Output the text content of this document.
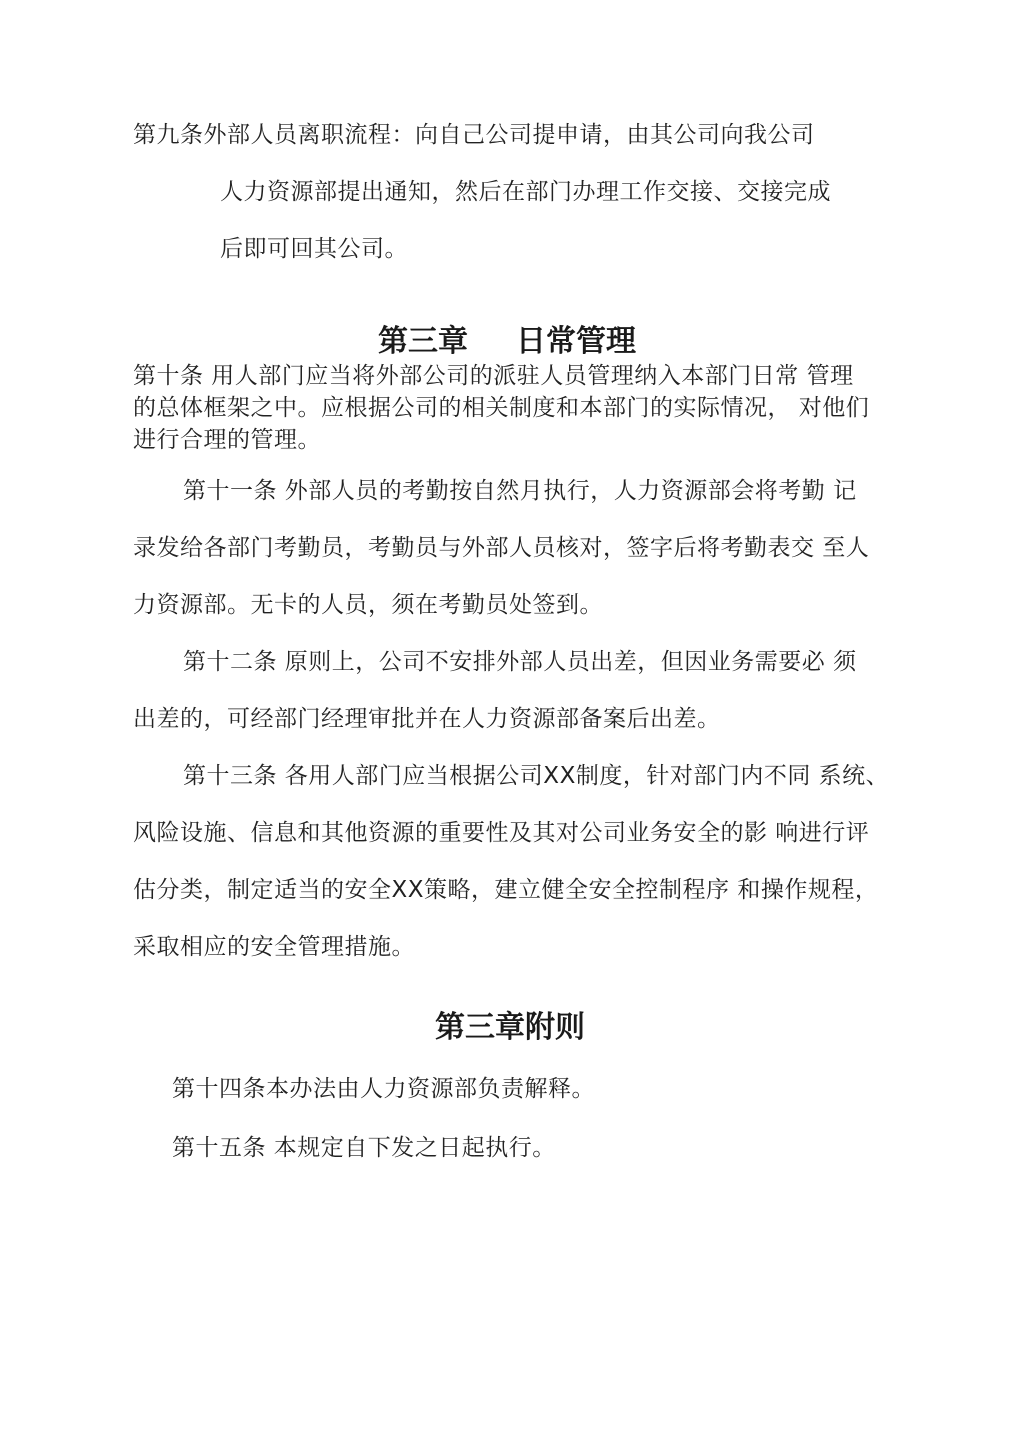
第九条外部人员离职流程：向自己公司提申请，由其公司向我公司
人力资源部提出通知，然后在部门办理工作交接、交接完成
后即可回其公司。
第三章 日常管理
第十条 用人部门应当将外部公司的派驻人员管理纳入本部门日常 管理
的总体框架之中。应根据公司的相关制度和本部门的实际情况， 对他们
进行合理的管理。
第十一条 外部人员的考勤按自然月执行，人力资源部会将考勤 记
录发给各部门考勤员，考勤员与外部人员核对，签字后将考勤表交 至人
力资源部。无卡的人员，须在考勤员处签到。
第十二条 原则上，公司不安排外部人员出差，但因业务需要必 须
出差的，可经部门经理审批并在人力资源部备案后出差。
第十三条 各用人部门应当根据公司XX制度，针对部门内不同 系统、
风险设施、信息和其他资源的重要性及其对公司业务安全的影 响进行评
估分类，制定适当的安全XX策略，建立健全安全控制程序 和操作规程，
采取相应的安全管理措施。
第三章附则
第十四条本办法由人力资源部负责解释。
第十五条 本规定自下发之日起执行。
